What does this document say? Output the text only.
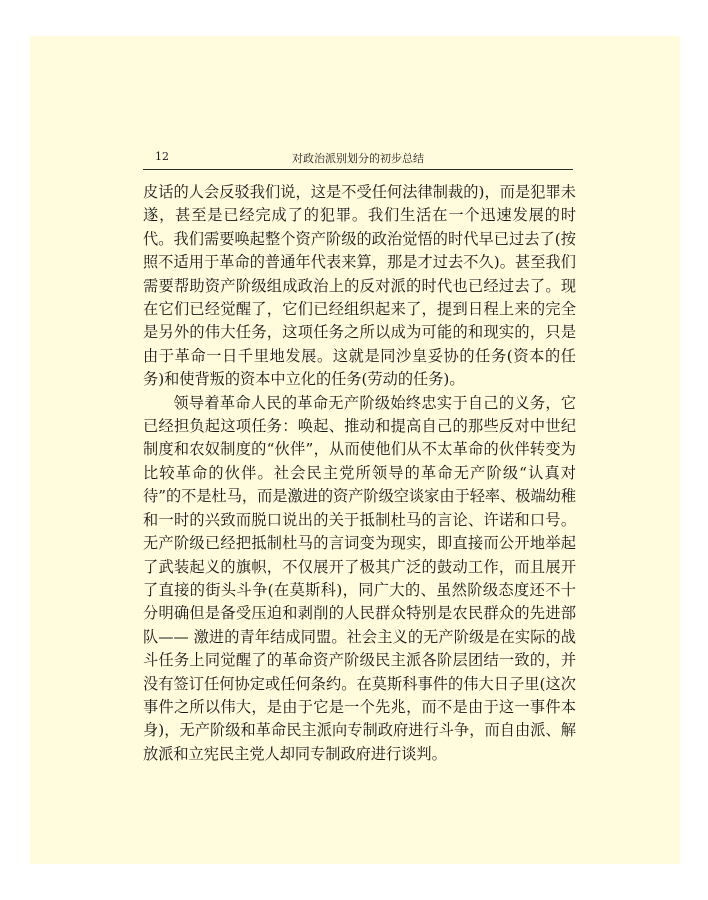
12	对政治派别划分的初步总结

皮话的人会反驳我们说，这是不受任何法律制裁的)，而是犯罪未遂，甚至是已经完成了的犯罪。我们生活在一个迅速发展的时代。我们需要唤起整个资产阶级的政治觉悟的时代早已过去了(按照不适用于革命的普通年代表来算，那是才过去不久)。甚至我们需要帮助资产阶级组成政治上的反对派的时代也已经过去了。现在它们已经觉醒了，它们已经组织起来了，提到日程上来的完全是另外的伟大任务，这项任务之所以成为可能的和现实的，只是由于革命一日千里地发展。这就是同沙皇妥协的任务(资本的任务)和使背叛的资本中立化的任务(劳动的任务)。

领导着革命人民的革命无产阶级始终忠实于自己的义务，它已经担负起这项任务：唤起、推动和提高自己的那些反对中世纪制度和农奴制度的“伙伴”，从而使他们从不太革命的伙伴转变为比较革命的伙伴。社会民主党所领导的革命无产阶级“认真对待”的不是杜马，而是激进的资产阶级空谈家由于轻率、极端幼稚和一时的兴致而脱口说出的关于抵制杜马的言论、许诺和口号。无产阶级已经把抵制杜马的言词变为现实，即直接而公开地举起了武装起义的旗帜，不仅展开了极其广泛的鼓动工作，而且展开了直接的街头斗争(在莫斯科)，同广大的、虽然阶级态度还不十分明确但是备受压迫和剥削的人民群众特别是农民群众的先进部队—— 激进的青年结成同盟。社会主义的无产阶级是在实际的战斗任务上同觉醒了的革命资产阶级民主派各阶层团结一致的，并没有签订任何协定或任何条约。在莫斯科事件的伟大日子里(这次事件之所以伟大，是由于它是一个先兆，而不是由于这一事件本身)，无产阶级和革命民主派向专制政府进行斗争，而自由派、解放派和立宪民主党人却同专制政府进行谈判。
